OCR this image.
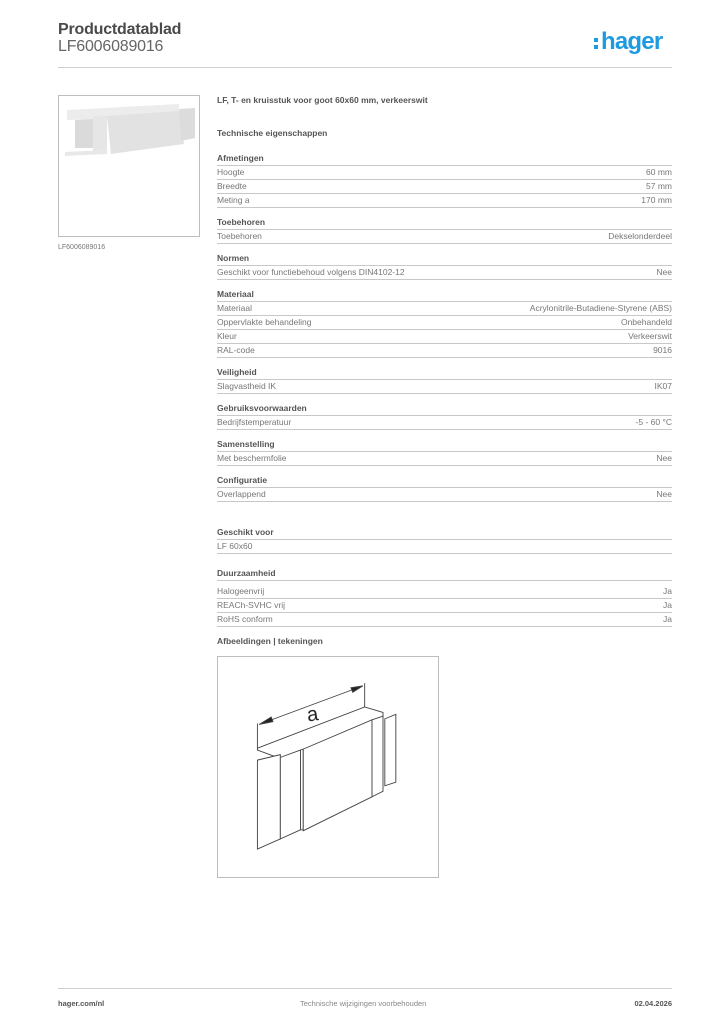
Productdatablad
LF6006089016	hager
LF6006089016
LF, T- en kruisstuk voor goot 60x60 mm, verkeerswit
Technische eigenschappen
Afmetingen
Hoogte	60 mm
Breedte	57 mm
Meting a	170 mm
Toebehoren
Toebehoren	Dekselonderdeel
Normen
Geschikt voor functiebehoud volgens DIN4102-12	Nee
Materiaal
Materiaal	Acrylonitrile-Butadiene-Styrene (ABS)
Oppervlakte behandeling	Onbehandeld
Kleur	Verkeerswit
RAL-code	9016
Veiligheid
Slagvastheid IK	IK07
Gebruiksvoorwaarden
Bedrijfstemperatuur	-5 - 60 °C
Samenstelling
Met beschermfolie	Nee
Configuratie
Overlappend	Nee
Geschikt voor
LF 60x60
Duurzaamheid
Halogeenvrij	Ja
REACh-SVHC vrij	Ja
RoHS conform	Ja
Afbeeldingen | tekeningen
a
hager.com/nl	Technische wijzigingen voorbehouden	02.04.2026
